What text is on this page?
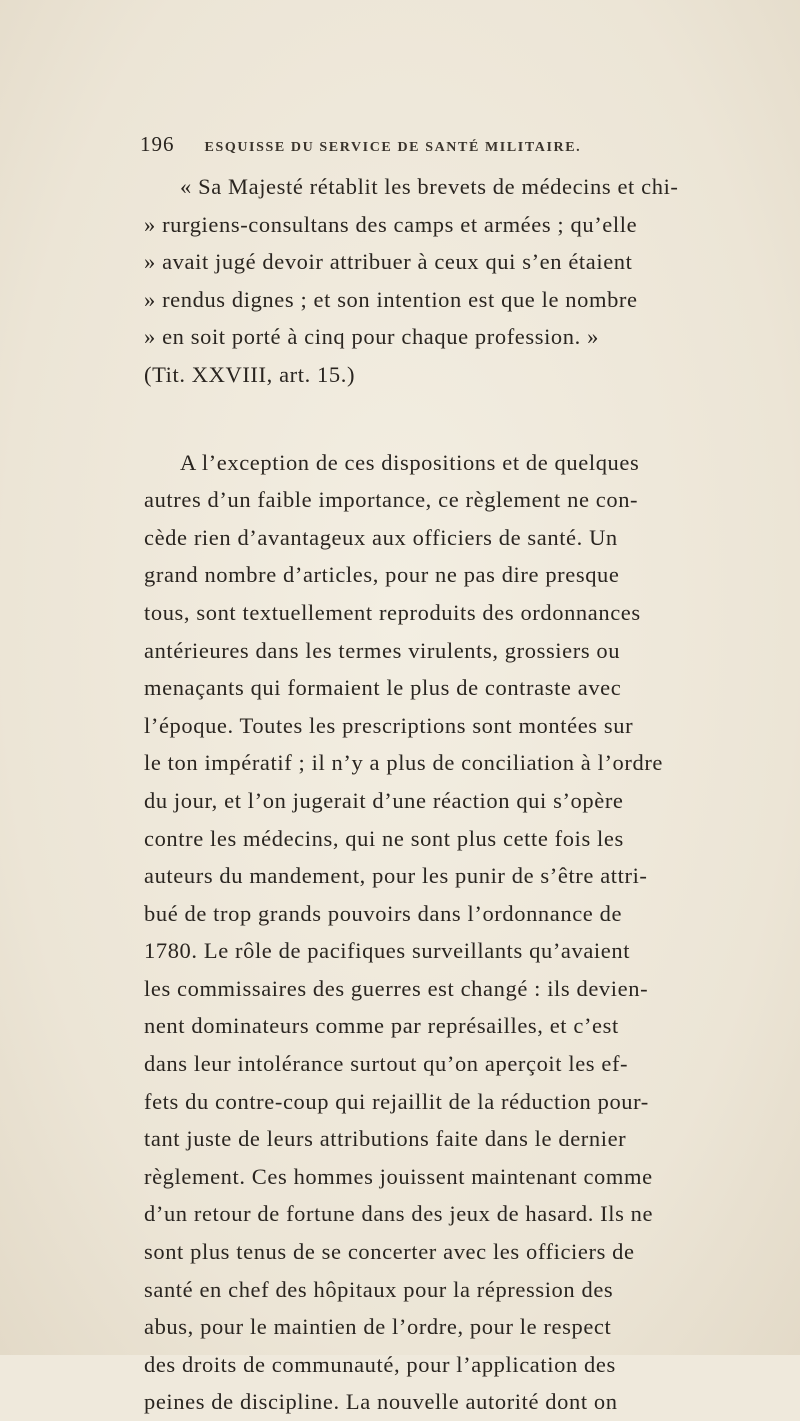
196 ESQUISSE DU SERVICE DE SANTÉ MILITAIRE.
« Sa Majesté rétablit les brevets de médecins et chi-
» rurgiens-consultans des camps et armées ; qu’elle
» avait jugé devoir attribuer à ceux qui s’en étaient
» rendus dignes ; et son intention est que le nombre
» en soit porté à cinq pour chaque profession. »
(Tit. XXVIII, art. 15.)
A l’exception de ces dispositions et de quelques
autres d’un faible importance, ce règlement ne con-
cède rien d’avantageux aux officiers de santé. Un
grand nombre d’articles, pour ne pas dire presque
tous, sont textuellement reproduits des ordonnances
antérieures dans les termes virulents, grossiers ou
menaçants qui formaient le plus de contraste avec
l’époque. Toutes les prescriptions sont montées sur
le ton impératif ; il n’y a plus de conciliation à l’ordre
du jour, et l’on jugerait d’une réaction qui s’opère
contre les médecins, qui ne sont plus cette fois les
auteurs du mandement, pour les punir de s’être attri-
bué de trop grands pouvoirs dans l’ordonnance de
1780. Le rôle de pacifiques surveillants qu’avaient
les commissaires des guerres est changé : ils devien-
nent dominateurs comme par représailles, et c’est
dans leur intolérance surtout qu’on aperçoit les ef-
fets du contre-coup qui rejaillit de la réduction pour-
tant juste de leurs attributions faite dans le dernier
règlement. Ces hommes jouissent maintenant comme
d’un retour de fortune dans des jeux de hasard. Ils ne
sont plus tenus de se concerter avec les officiers de
santé en chef des hôpitaux pour la répression des
abus, pour le maintien de l’ordre, pour le respect
des droits de communauté, pour l’application des
peines de discipline. La nouvelle autorité dont on
